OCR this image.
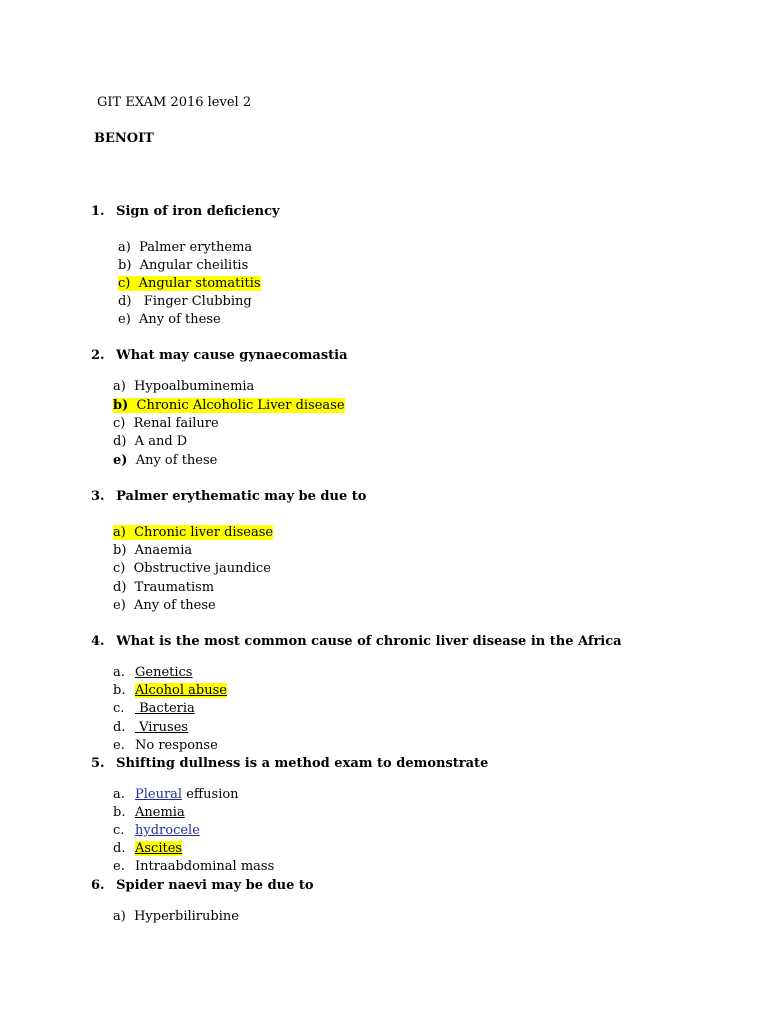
GIT EXAM 2016 level 2
BENOIT
1. Sign of iron deficiency
a) Palmer erythema
b) Angular cheilitis
c) Angular stomatitis
d)   Finger Clubbing
e) Any of these
2. What may cause gynaecomastia
a) Hypoalbuminemia
b) Chronic Alcoholic Liver disease
c) Renal failure
d) A and D
e) Any of these
3. Palmer erythematic may be due to
a) Chronic liver disease
b) Anaemia
c) Obstructive jaundice
d) Traumatism
e) Any of these
4. What is the most common cause of chronic liver disease in the Africa
a. Genetics
b. Alcohol abuse
c. Bacteria
d. Viruses
e. No response
5. Shifting dullness is a method exam to demonstrate
a. Pleural effusion
b. Anemia
c. hydrocele
d. Ascites
e. Intraabdominal mass
6. Spider naevi may be due to
a) Hyperbilirubine
